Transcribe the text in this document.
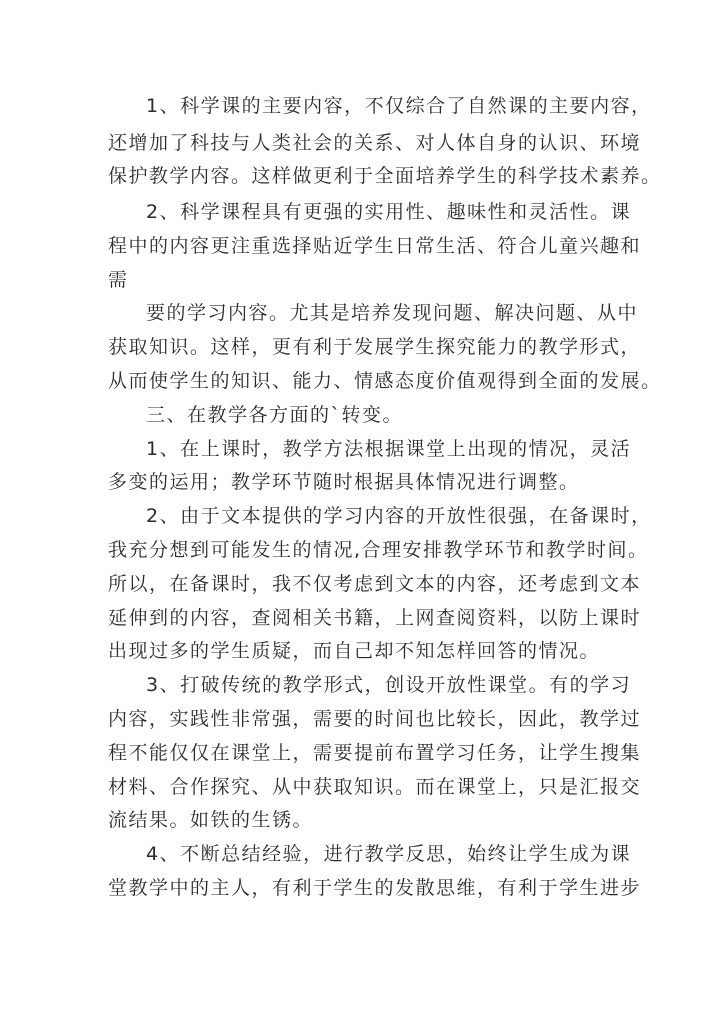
1、科学课的主要内容，不仅综合了自然课的主要内容，
还增加了科技与人类社会的关系、对人体自身的认识、环境
保护教学内容。这样做更利于全面培养学生的科学技术素养。
2、科学课程具有更强的实用性、趣味性和灵活性。课
程中的内容更注重选择贴近学生日常生活、符合儿童兴趣和
需
要的学习内容。尤其是培养发现问题、解决问题、从中
获取知识。这样，更有利于发展学生探究能力的教学形式，
从而使学生的知识、能力、情感态度价值观得到全面的发展。
三、在教学各方面的`转变。
1、在上课时，教学方法根据课堂上出现的情况，灵活
多变的运用；教学环节随时根据具体情况进行调整。
2、由于文本提供的学习内容的开放性很强，在备课时，
我充分想到可能发生的情况,合理安排教学环节和教学时间。
所以，在备课时，我不仅考虑到文本的内容，还考虑到文本
延伸到的内容，查阅相关书籍，上网查阅资料，以防上课时
出现过多的学生质疑，而自己却不知怎样回答的情况。
3、打破传统的教学形式，创设开放性课堂。有的学习
内容，实践性非常强，需要的时间也比较长，因此，教学过
程不能仅仅在课堂上，需要提前布置学习任务，让学生搜集
材料、合作探究、从中获取知识。而在课堂上，只是汇报交
流结果。如铁的生锈。
4、不断总结经验，进行教学反思，始终让学生成为课
堂教学中的主人，有利于学生的发散思维，有利于学生进步
